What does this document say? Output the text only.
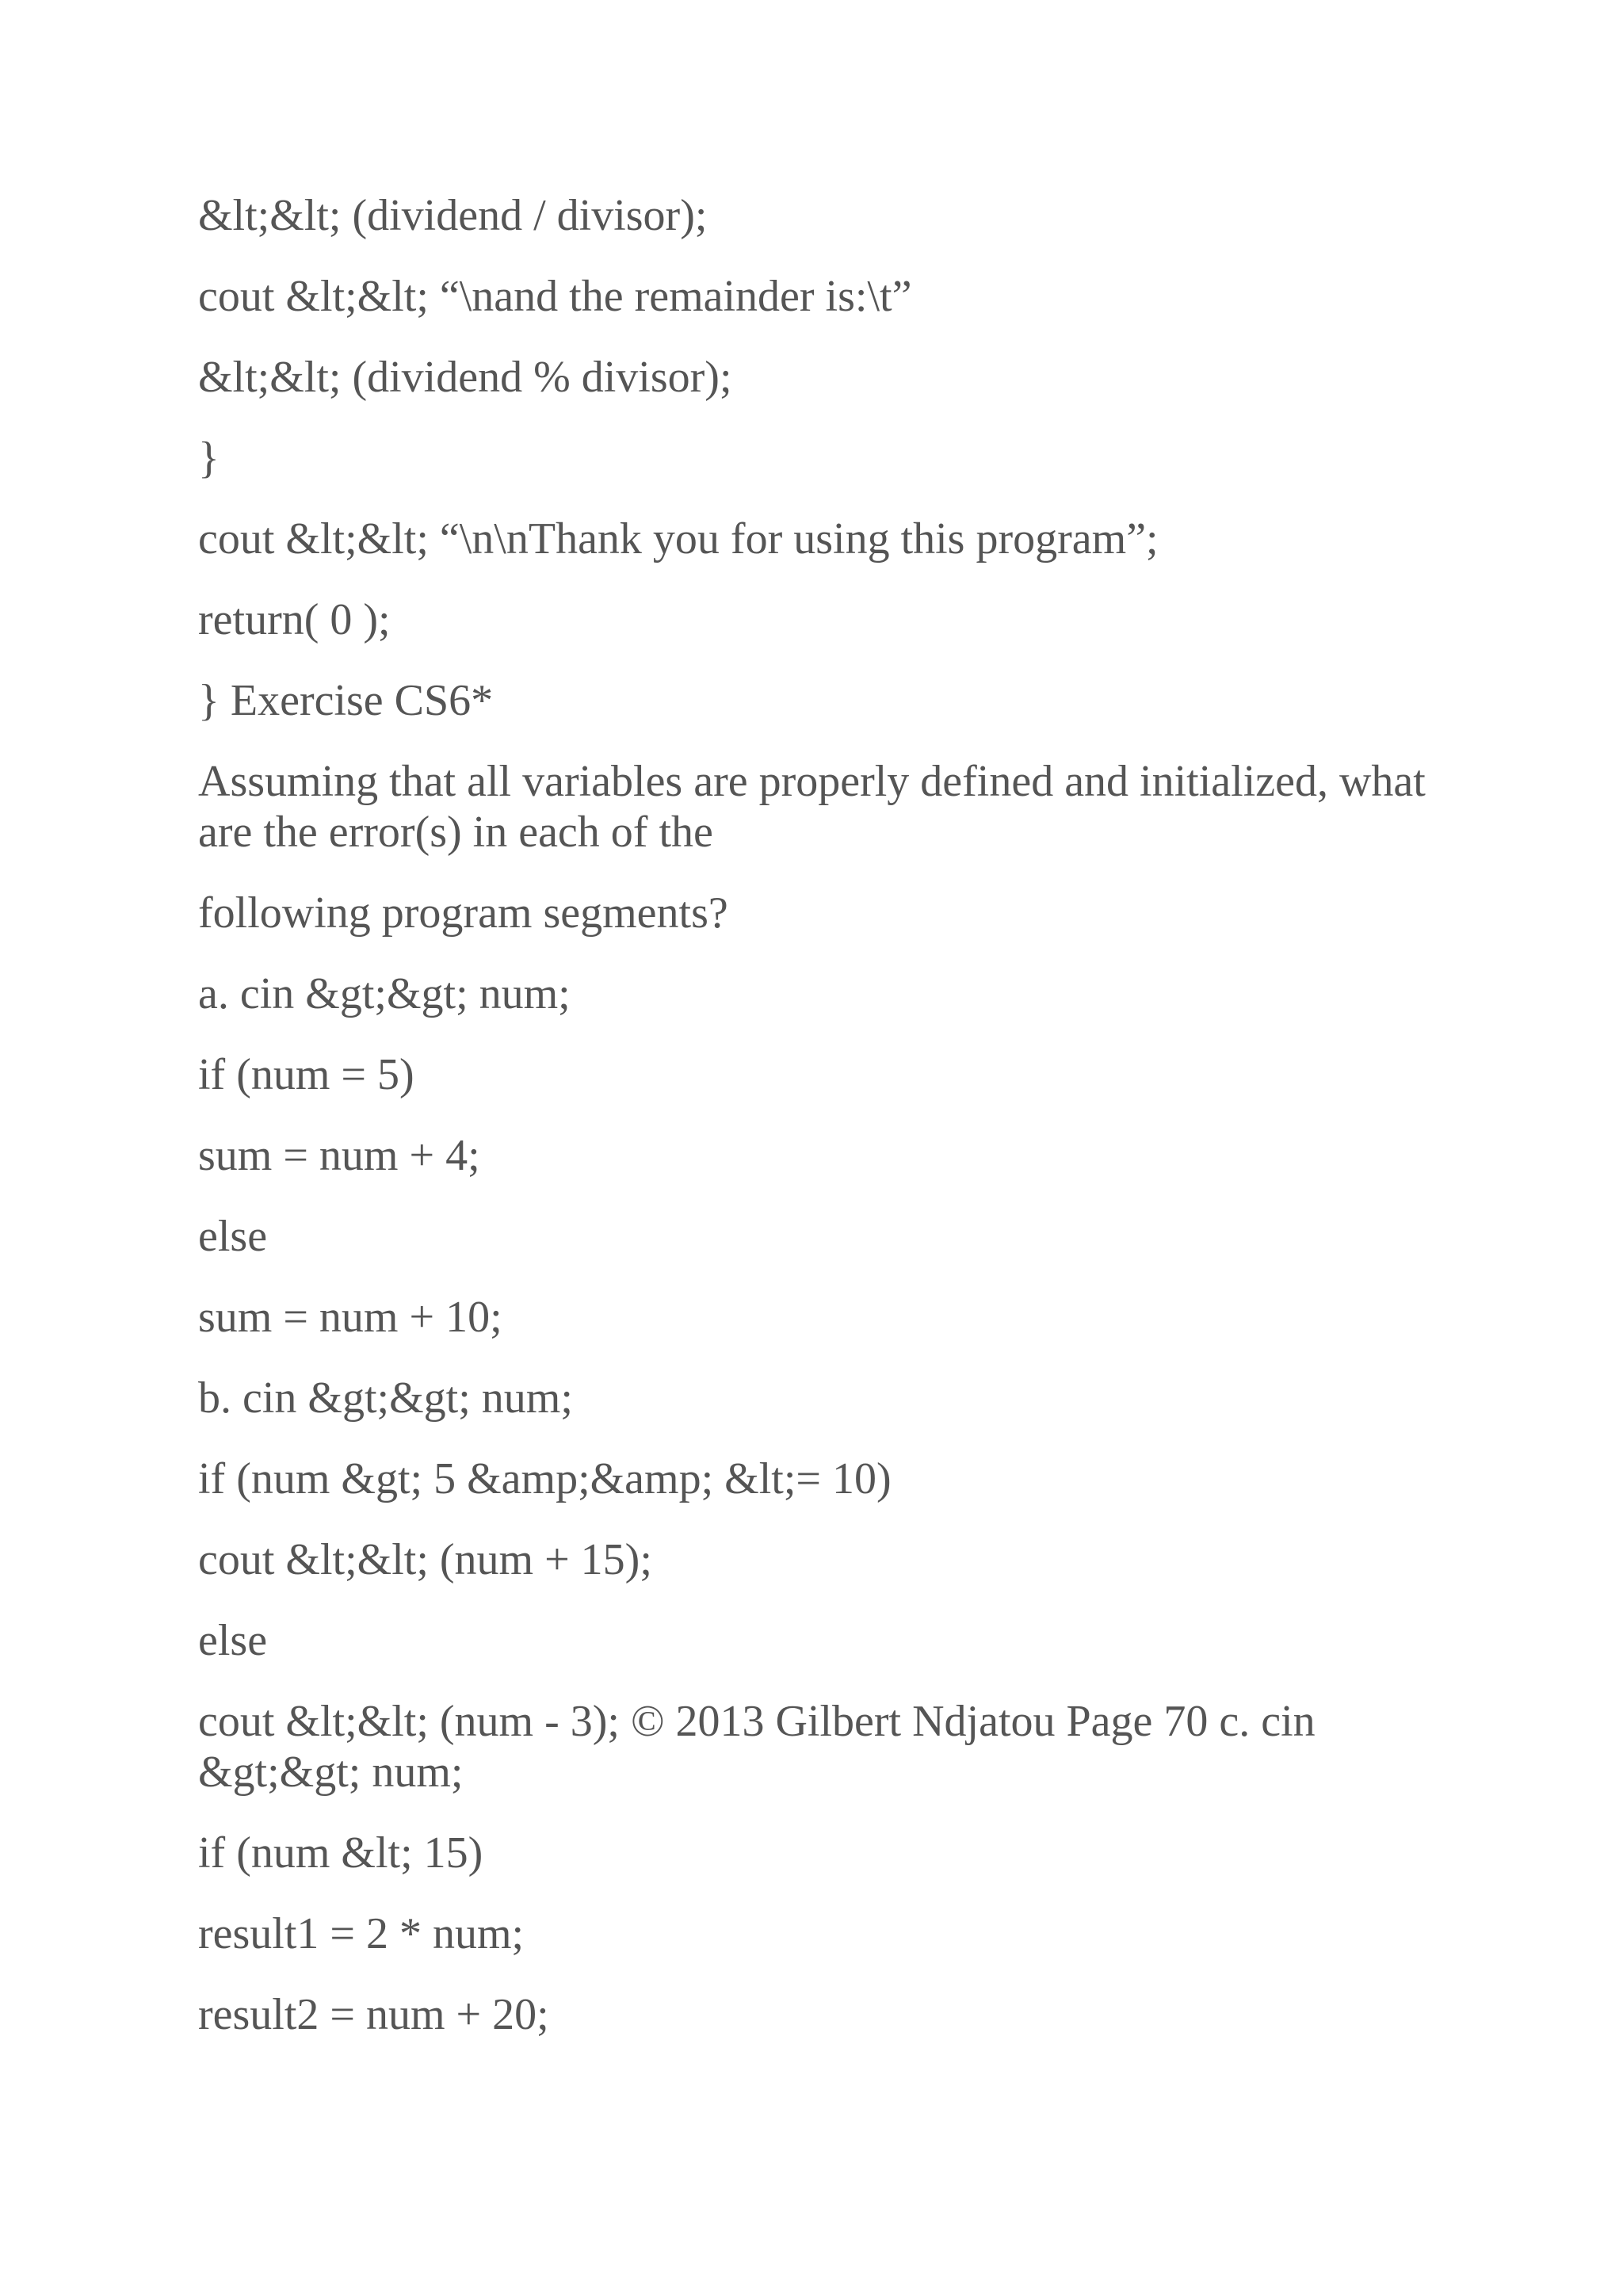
&lt;&lt; (dividend / divisor);

cout &lt;&lt; “\nand the remainder is:\t”

&lt;&lt; (dividend % divisor);

}

cout &lt;&lt; “\n\nThank you for using this program”;

return( 0 );

} Exercise CS6*

Assuming that all variables are properly defined and initialized, what are the error(s) in each of the

following program segments?

a. cin &gt;&gt; num;

if (num = 5)

sum = num + 4;

else

sum = num + 10;

b. cin &gt;&gt; num;

if (num &gt; 5 &amp;&amp; &lt;= 10)

cout &lt;&lt; (num + 15);

else

cout &lt;&lt; (num - 3); © 2013 Gilbert Ndjatou Page 70 c. cin &gt;&gt; num;

if (num &lt; 15)

result1 = 2 * num;

result2 = num + 20;
